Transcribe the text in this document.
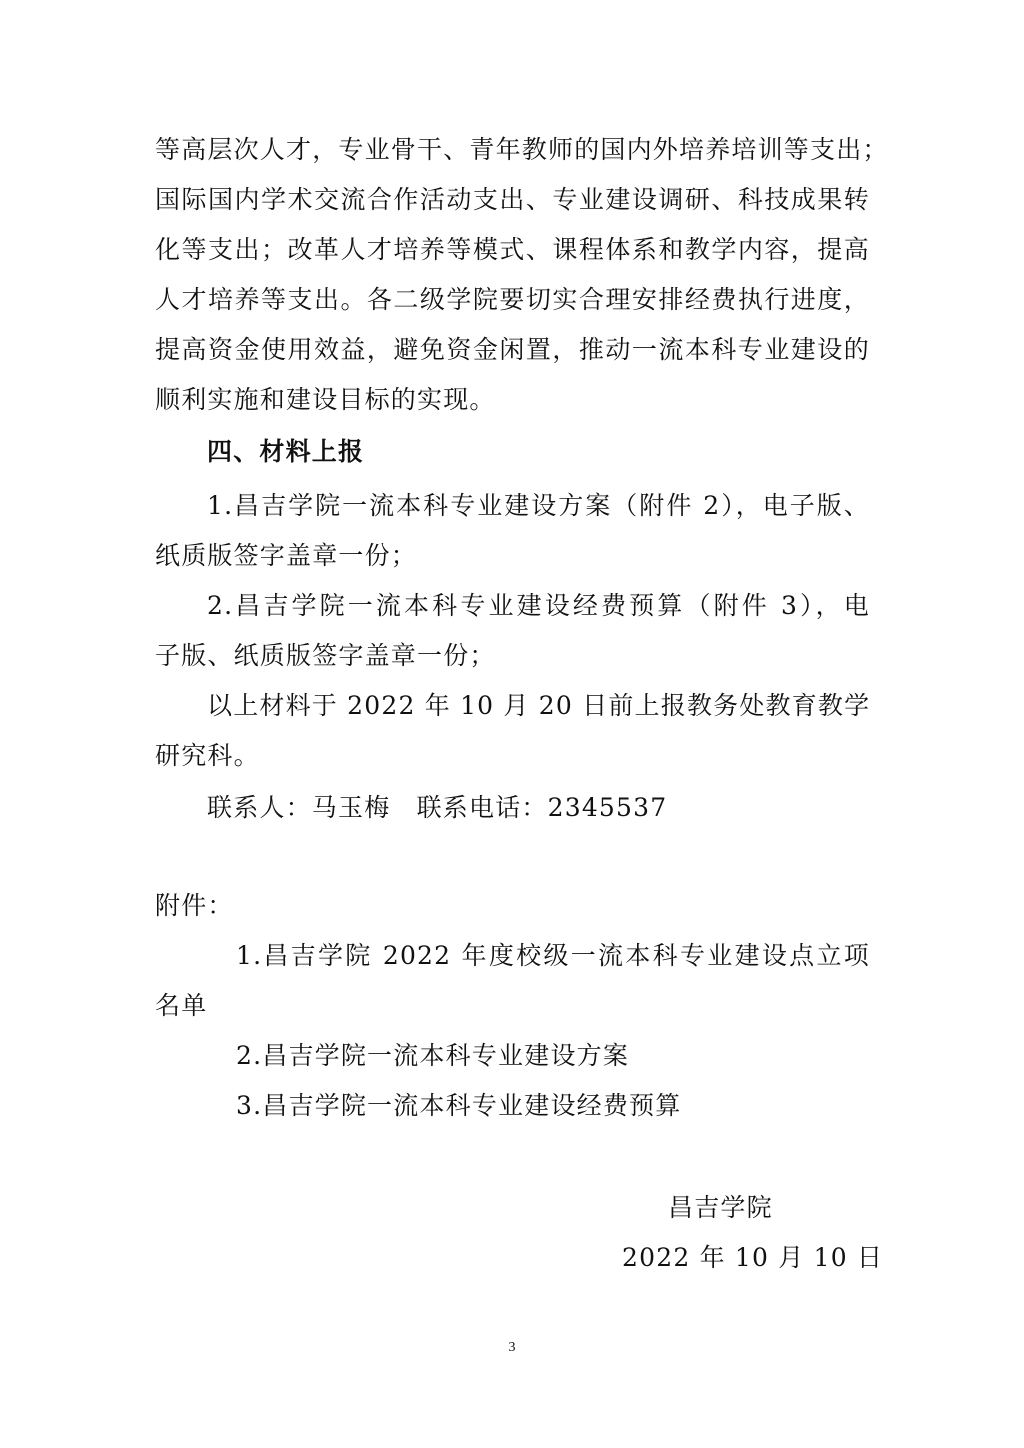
等高层次人才，专业骨干、青年教师的国内外培养培训等支出；
国际国内学术交流合作活动支出、专业建设调研、科技成果转
化等支出；改革人才培养等模式、课程体系和教学内容，提高
人才培养等支出。各二级学院要切实合理安排经费执行进度，
提高资金使用效益，避免资金闲置，推动一流本科专业建设的
顺利实施和建设目标的实现。
四、材料上报
1.昌吉学院一流本科专业建设方案（附件 2），电子版、
纸质版签字盖章一份；
2.昌吉学院一流本科专业建设经费预算（附件 3），电
子版、纸质版签字盖章一份；
以上材料于 2022 年 10 月 20 日前上报教务处教育教学
研究科。
联系人：马玉梅　联系电话：2345537
附件：
1.昌吉学院 2022 年度校级一流本科专业建设点立项
名单
2.昌吉学院一流本科专业建设方案
3.昌吉学院一流本科专业建设经费预算
昌吉学院
2022 年 10 月 10 日
3
